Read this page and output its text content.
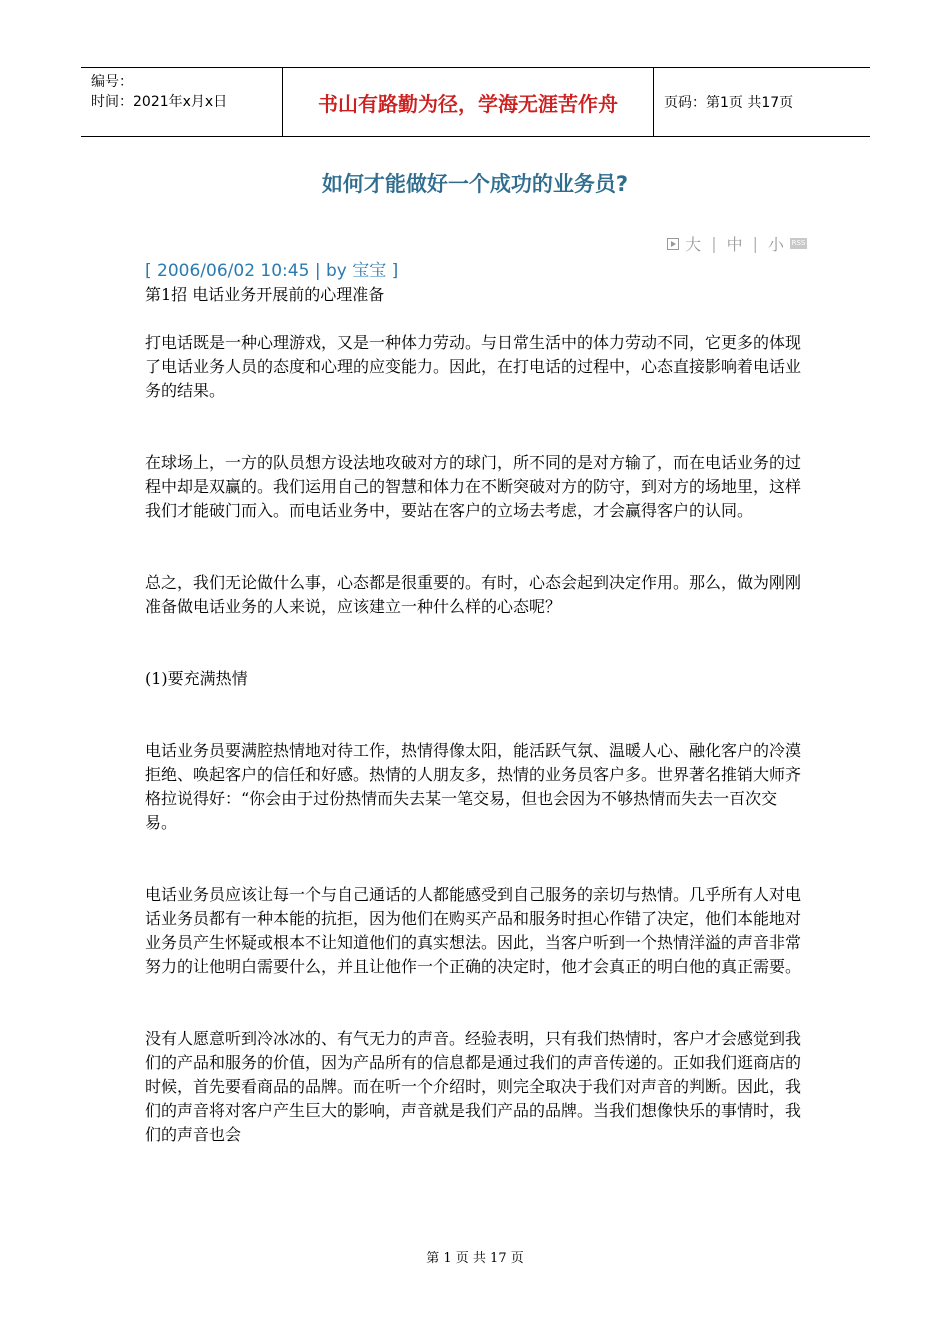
编号：
时间：2021年x月x日	书山有路勤为径，学海无涯苦作舟	页码：第1页 共17页
如何才能做好一个成功的业务员?
大 | 中 | 小 RSS
[ 2006/06/02 10:45 | by 宝宝 ]

第1招 电话业务开展前的心理准备

打电话既是一种心理游戏，又是一种体力劳动。与日常生活中的体力劳动不同，它更多的体现了电话业务人员的态度和心理的应变能力。因此，在打电话的过程中，心态直接影响着电话业务的结果。

在球场上，一方的队员想方设法地攻破对方的球门，所不同的是对方输了，而在电话业务的过程中却是双赢的。我们运用自己的智慧和体力在不断突破对方的防守，到对方的场地里，这样我们才能破门而入。而电话业务中，要站在客户的立场去考虑，才会赢得客户的认同。

总之，我们无论做什么事，心态都是很重要的。有时，心态会起到决定作用。那么，做为刚刚准备做电话业务的人来说，应该建立一种什么样的心态呢？

(1)要充满热情

电话业务员要满腔热情地对待工作，热情得像太阳，能活跃气氛、温暖人心、融化客户的冷漠拒绝、唤起客户的信任和好感。热情的人朋友多，热情的业务员客户多。世界著名推销大师齐格拉说得好：“你会由于过份热情而失去某一笔交易，但也会因为不够热情而失去一百次交易。

电话业务员应该让每一个与自己通话的人都能感受到自己服务的亲切与热情。几乎所有人对电话业务员都有一种本能的抗拒，因为他们在购买产品和服务时担心作错了决定，他们本能地对业务员产生怀疑或根本不让知道他们的真实想法。因此，当客户听到一个热情洋溢的声音非常努力的让他明白需要什么，并且让他作一个正确的决定时，他才会真正的明白他的真正需要。

没有人愿意听到冷冰冰的、有气无力的声音。经验表明，只有我们热情时，客户才会感觉到我们的产品和服务的价值，因为产品所有的信息都是通过我们的声音传递的。正如我们逛商店的时候，首先要看商品的品牌。而在听一个介绍时，则完全取决于我们对声音的判断。因此，我们的声音将对客户产生巨大的影响，声音就是我们产品的品牌。当我们想像快乐的事情时，我们的声音也会

第 1 页 共 17 页
